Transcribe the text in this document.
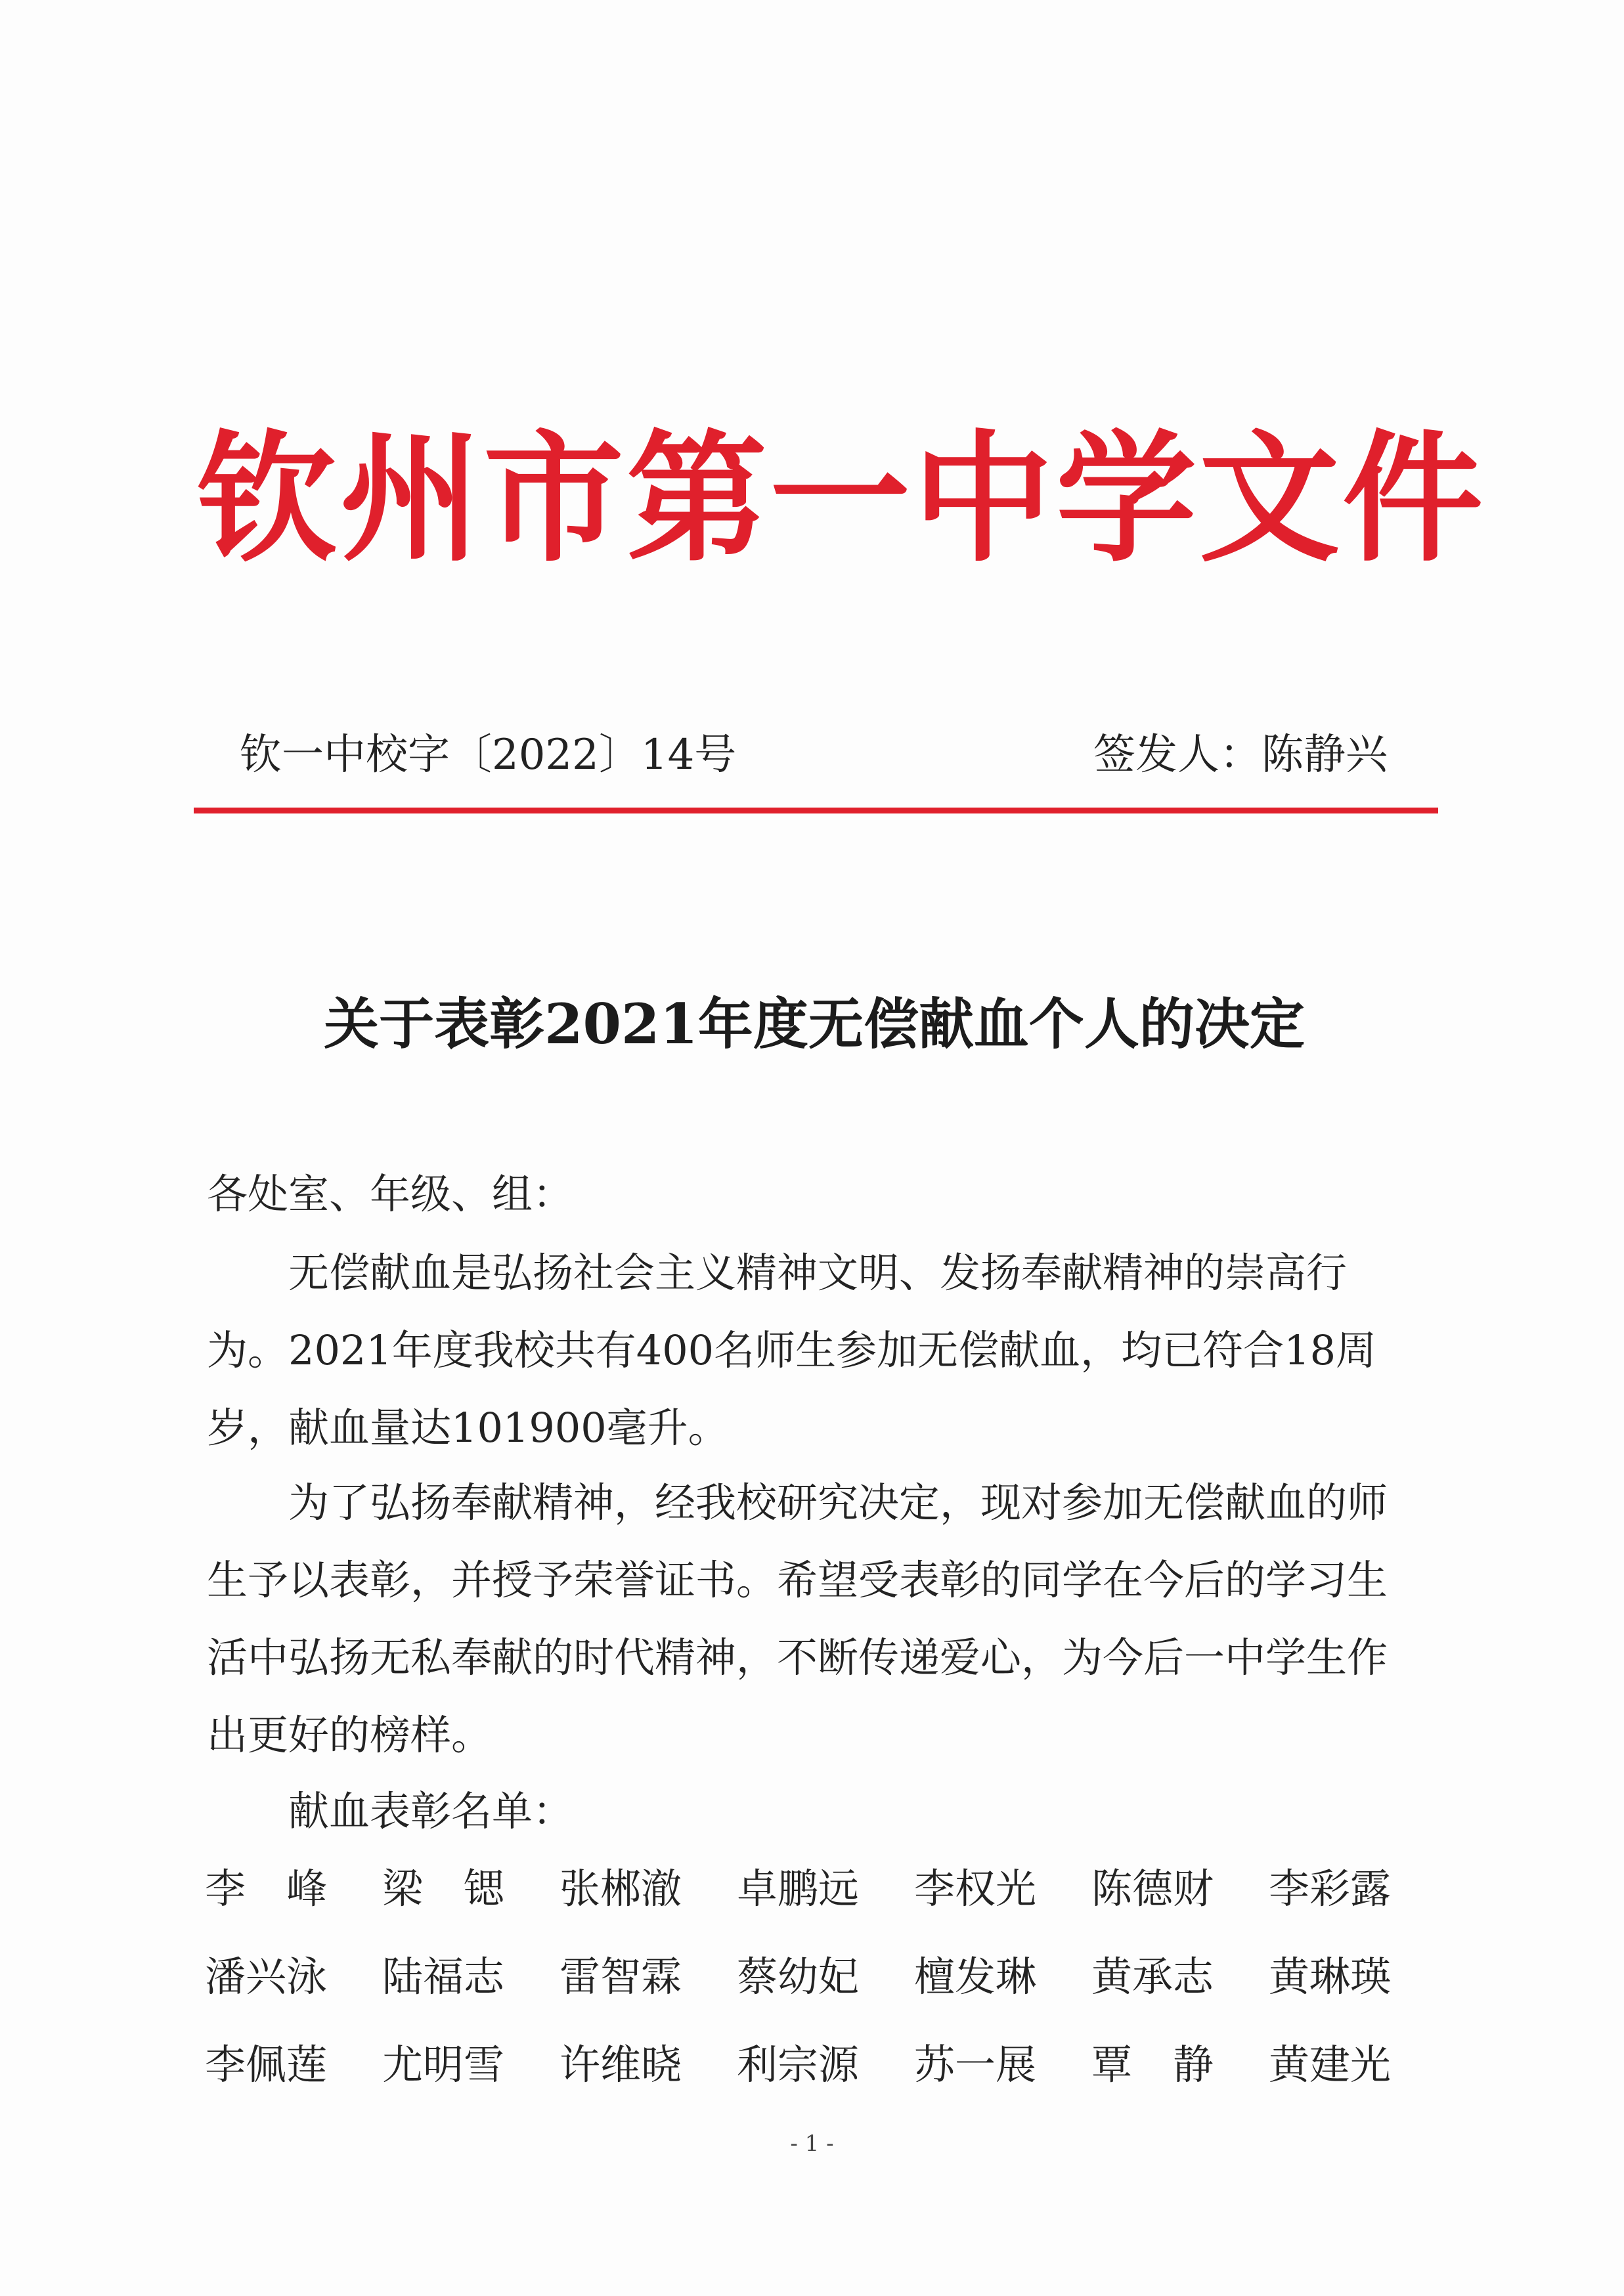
钦州市第一中学文件
钦一中校字〔2022〕14号	签发人：陈静兴
关于表彰2021年度无偿献血个人的决定
各处室、年级、组：
无偿献血是弘扬社会主义精神文明、发扬奉献精神的崇高行为。2021年度我校共有400名师生参加无偿献血，均已符合18周岁，献血量达101900毫升。
为了弘扬奉献精神，经我校研究决定，现对参加无偿献血的师生予以表彰，并授予荣誉证书。希望受表彰的同学在今后的学习生活中弘扬无私奉献的时代精神，不断传递爱心，为今后一中学生作出更好的榜样。
献血表彰名单：
李　峰	梁　锶	张郴澈	卓鹏远	李权光	陈德财	李彩露
潘兴泳	陆福志	雷智霖	蔡幼妃	檀发琳	黄承志	黄琳瑛
李佩莲	尤明雪	许维晓	利宗源	苏一展	覃　静	黄建光
- 1 -
